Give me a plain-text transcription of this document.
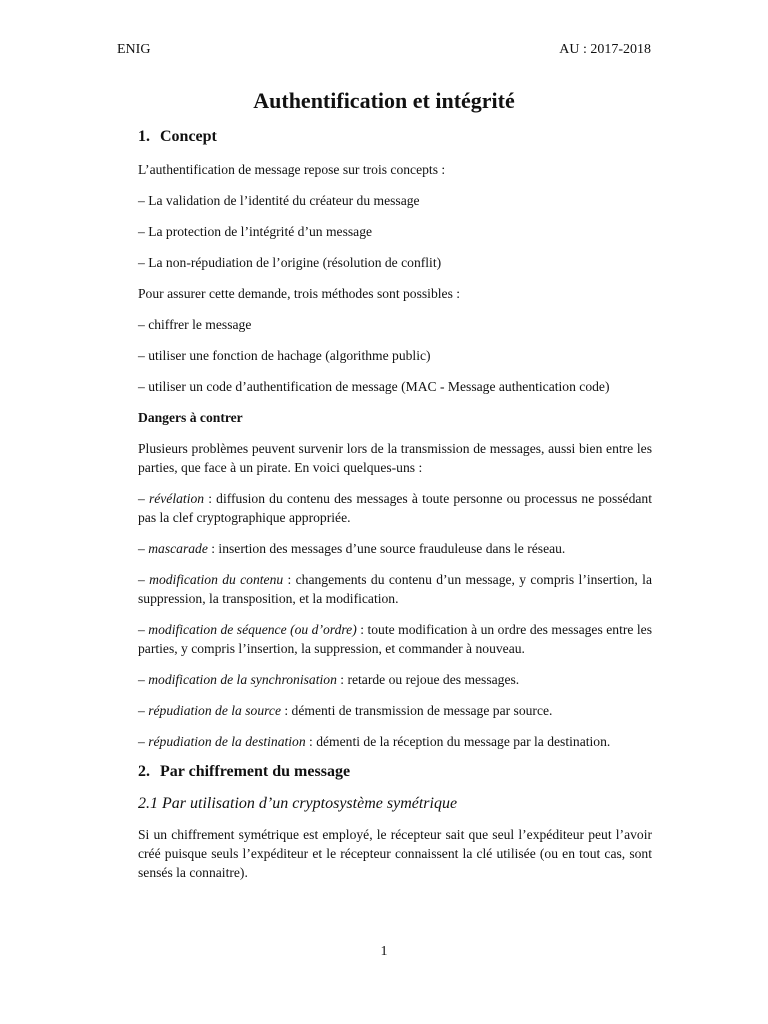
ENIG	AU : 2017-2018
Authentification et intégrité
1. Concept

L’authentification de message repose sur trois concepts :

– La validation de l’identité du créateur du message

– La protection de l’intégrité d’un message

– La non-répudiation de l’origine (résolution de conflit)

Pour assurer cette demande, trois méthodes sont possibles :

– chiffrer le message

– utiliser une fonction de hachage (algorithme public)

– utiliser un code d’authentification de message (MAC - Message authentication code)

Dangers à contrer

Plusieurs problèmes peuvent survenir lors de la transmission de messages, aussi bien entre les parties, que face à un pirate. En voici quelques-uns :

– révélation : diffusion du contenu des messages à toute personne ou processus ne possédant pas la clef cryptographique appropriée.

– mascarade : insertion des messages d’une source frauduleuse dans le réseau.

– modification du contenu : changements du contenu d’un message, y compris l’insertion, la suppression, la transposition, et la modification.

– modification de séquence (ou d’ordre) : toute modification à un ordre des messages entre les parties, y compris l’insertion, la suppression, et commander à nouveau.

– modification de la synchronisation : retarde ou rejoue des messages.

– répudiation de la source : démenti de transmission de message par source.

– répudiation de la destination : démenti de la réception du message par la destination.

2. Par chiffrement du message
2.1 Par utilisation d’un cryptosystème symétrique

Si un chiffrement symétrique est employé, le récepteur sait que seul l’expéditeur peut l’avoir créé puisque seuls l’expéditeur et le récepteur connaissent la clé utilisée (ou en tout cas, sont sensés la connaitre).

1
